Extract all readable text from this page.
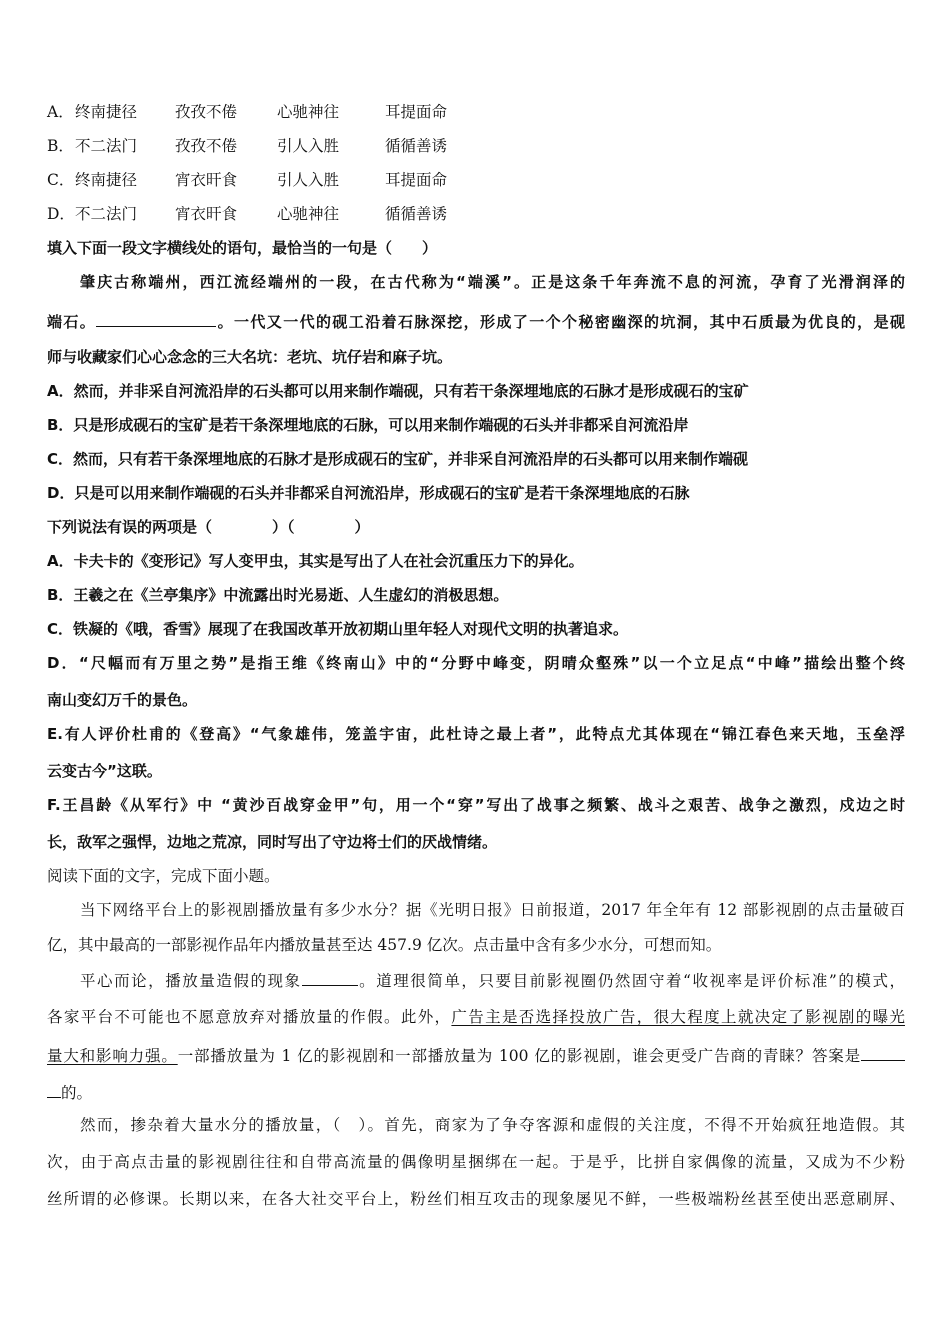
A．终南捷径 孜孜不倦	心驰神往	耳提面命
B．不二法门 孜孜不倦	引人入胜	循循善诱
C．终南捷径 宵衣旰食	引人入胜	耳提面命
D．不二法门 宵衣旰食	心驰神往	循循善诱
填入下面一段文字横线处的语句，最恰当的一句是（　　）
肇庆古称端州，西江流经端州的一段，在古代称为“端溪”。正是这条千年奔流不息的河流，孕育了光滑润泽的
端石。	。一代又一代的砚工沿着石脉深挖，形成了一个个秘密幽深的坑洞，其中石质最为优良的，是砚
师与收藏家们心心念念的三大名坑：老坑、坑仔岩和麻子坑。
A．然而，并非采自河流沿岸的石头都可以用来制作端砚，只有若干条深埋地底的石脉才是形成砚石的宝矿
B．只是形成砚石的宝矿是若干条深埋地底的石脉，可以用来制作端砚的石头并非都采自河流沿岸
C．然而，只有若干条深埋地底的石脉才是形成砚石的宝矿，并非采自河流沿岸的石头都可以用来制作端砚
D．只是可以用来制作端砚的石头并非都采自河流沿岸，形成砚石的宝矿是若干条深埋地底的石脉
下列说法有误的两项是（　　　　）（　　　　）
A．卡夫卡的《变形记》写人变甲虫，其实是写出了人在社会沉重压力下的异化。
B．王羲之在《兰亭集序》中流露出时光易逝、人生虚幻的消极思想。
C．铁凝的《哦，香雪》展现了在我国改革开放初期山里年轻人对现代文明的执著追求。
D．“尺幅而有万里之势”是指王维《终南山》中的“分野中峰变，阴晴众壑殊”以一个立足点“中峰”描绘出整个终
南山变幻万千的景色。
E.有人评价杜甫的《登高》“气象雄伟，笼盖宇宙，此杜诗之最上者”，此特点尤其体现在“锦江春色来天地，玉垒浮
云变古今”这联。
F.王昌龄《从军行》中 “黄沙百战穿金甲”句，用一个“穿”写出了战事之频繁、战斗之艰苦、战争之激烈，戍边之时
长，敌军之强悍，边地之荒凉，同时写出了守边将士们的厌战情绪。
阅读下面的文字，完成下面小题。
当下网络平台上的影视剧播放量有多少水分？据《光明日报》日前报道，2017 年全年有 12 部影视剧的点击量破百
亿，其中最高的一部影视作品年内播放量甚至达 457.9 亿次。点击量中含有多少水分，可想而知。
平心而论，播放量造假的现象	。道理很简单，只要目前影视圈仍然固守着“收视率是评价标准”的模式，
各家平台不可能也不愿意放弃对播放量的作假。此外，广告主是否选择投放广告，很大程度上就决定了影视剧的曝光
量大和影响力强。一部播放量为 1 亿的影视剧和一部播放量为 100 亿的影视剧，谁会更受广告商的青睐？答案是
的。
然而，掺杂着大量水分的播放量，（　）。首先，商家为了争夺客源和虚假的关注度，不得不开始疯狂地造假。其
次，由于高点击量的影视剧往往和自带高流量的偶像明星捆绑在一起。于是乎，比拼自家偶像的流量，又成为不少粉
丝所谓的必修课。长期以来，在各大社交平台上，粉丝们相互攻击的现象屡见不鲜，一些极端粉丝甚至使出恶意刷屏、
